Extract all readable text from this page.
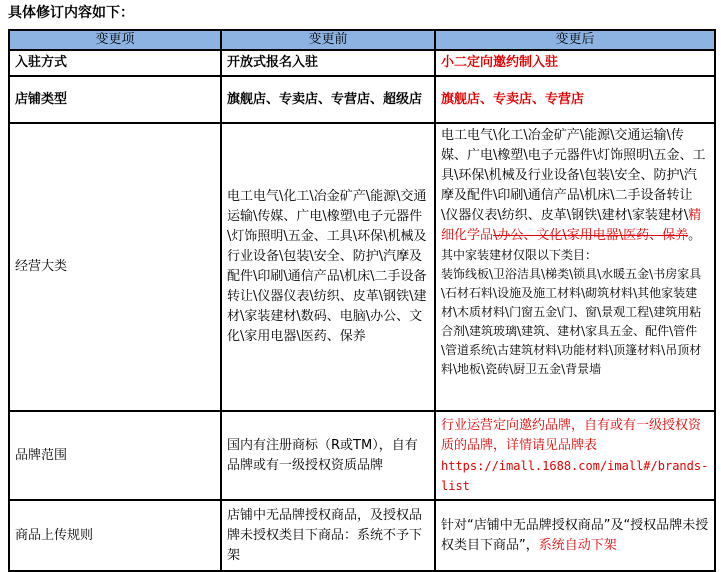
具体修订内容如下：
变更项	变更前	变更后
入驻方式	开放式报名入驻	小二定向邀约制入驻
店铺类型	旗舰店、专卖店、专营店、超级店	旗舰店、专卖店、专营店
经营大类	电工电气\化工\冶金矿产\能源\交通运输\传媒、广电\橡塑\电子元器件\灯饰照明\五金、工具\环保\机械及行业设备\包装\安全、防护\汽摩及配件\印刷\通信产品\机床\二手设备转让\仪器仪表\纺织、皮革\钢铁\建材\家装建材\数码、电脑\办公、文化\家用电器\医药、保养	电工电气\化工\冶金矿产\能源\交通运输\传媒、广电\橡塑\电子元器件\灯饰照明\五金、工具\环保\机械及行业设备\包装\安全、防护\汽摩及配件\印刷\通信产品\机床\二手设备转让\仪器仪表\纺织、皮革\钢铁\建材\家装建材\精细化学品\办公、文化\家用电器\医药、保养。
其中家装建材仅限以下类目：
装饰线板\卫浴洁具\梯类\锁具\水暖五金\书房家具\石材石料\设施及施工材料\砌筑材料\其他家装建材\木质材料\门窗五金\门、窗\景观工程\建筑用粘合剂\建筑玻璃\建筑、建材\家具五金、配件\管件\管道系统\古建筑材料\功能材料\顶篷材料\吊顶材料\地板\瓷砖\厨卫五金\背景墙

品牌范围	国内有注册商标（R或TM），自有品牌或有一级授权资质品牌	行业运营定向邀约品牌，自有或有一级授权资质的品牌，详情请见品牌表
https://imall.1688.com/imall#/brands-list

商品上传规则	店铺中无品牌授权商品，及授权品牌未授权类目下商品：系统不予下架	针对“店铺中无品牌授权商品”及“授权品牌未授权类目下商品”，系统自动下架
